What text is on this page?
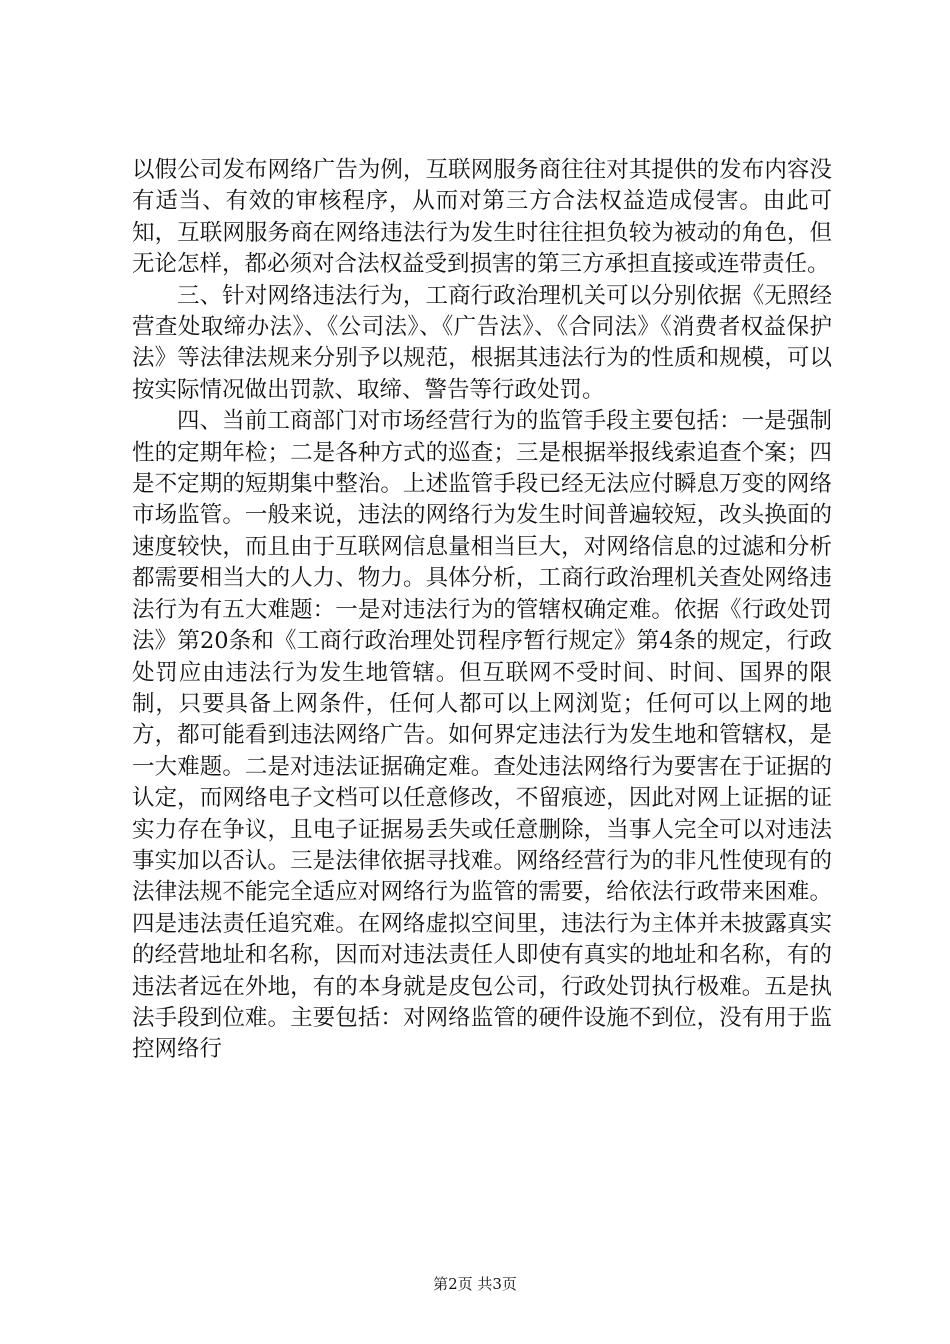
以假公司发布网络广告为例，互联网服务商往往对其提供的发布内容没有适当、有效的审核程序，从而对第三方合法权益造成侵害。由此可知，互联网服务商在网络违法行为发生时往往担负较为被动的角色，但无论怎样，都必须对合法权益受到损害的第三方承担直接或连带责任。

三、针对网络违法行为，工商行政治理机关可以分别依据《无照经营查处取缔办法》、《公司法》、《广告法》、《合同法》《消费者权益保护法》等法律法规来分别予以规范，根据其违法行为的性质和规模，可以按实际情况做出罚款、取缔、警告等行政处罚。

四、当前工商部门对市场经营行为的监管手段主要包括：一是强制性的定期年检；二是各种方式的巡查；三是根据举报线索追查个案；四是不定期的短期集中整治。上述监管手段已经无法应付瞬息万变的网络市场监管。一般来说，违法的网络行为发生时间普遍较短，改头换面的速度较快，而且由于互联网信息量相当巨大，对网络信息的过滤和分析都需要相当大的人力、物力。具体分析，工商行政治理机关查处网络违法行为有五大难题：一是对违法行为的管辖权确定难。依据《行政处罚法》第20条和《工商行政治理处罚程序暂行规定》第4条的规定，行政处罚应由违法行为发生地管辖。但互联网不受时间、时间、国界的限制，只要具备上网条件，任何人都可以上网浏览；任何可以上网的地方，都可能看到违法网络广告。如何界定违法行为发生地和管辖权，是一大难题。二是对违法证据确定难。查处违法网络行为要害在于证据的认定，而网络电子文档可以任意修改，不留痕迹，因此对网上证据的证实力存在争议，且电子证据易丢失或任意删除，当事人完全可以对违法事实加以否认。三是法律依据寻找难。网络经营行为的非凡性使现有的法律法规不能完全适应对网络行为监管的需要，给依法行政带来困难。四是违法责任追究难。在网络虚拟空间里，违法行为主体并未披露真实的经营地址和名称，因而对违法责任人即使有真实的地址和名称，有的违法者远在外地，有的本身就是皮包公司，行政处罚执行极难。五是执法手段到位难。主要包括：对网络监管的硬件设施不到位，没有用于监控网络行

第2页 共3页
